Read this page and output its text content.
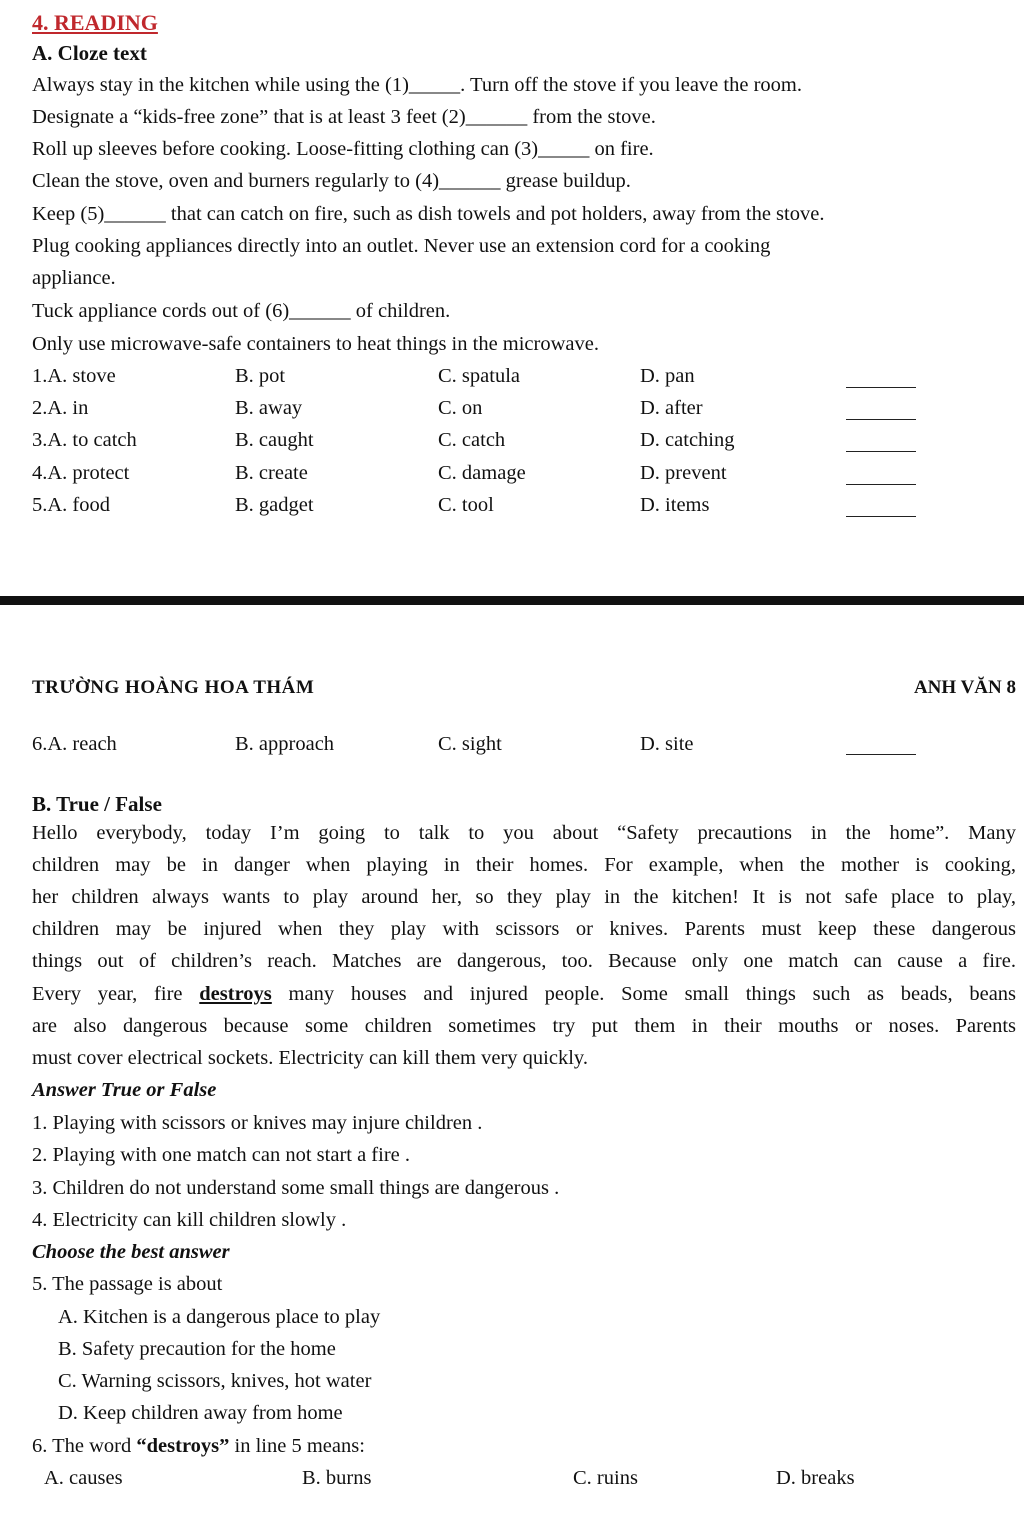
4. READING
A. Cloze text
Always stay in the kitchen while using the (1)_____. Turn off the stove if you leave the room.
Designate a “kids-free zone” that is at least 3 feet (2)______ from the stove.
Roll up sleeves before cooking. Loose-fitting clothing can (3)_____ on fire.
Clean the stove, oven and burners regularly to (4)______ grease buildup.
Keep (5)______ that can catch on fire, such as dish towels and pot holders, away from the stove.
Plug cooking appliances directly into an outlet. Never use an extension cord for a cooking
appliance.
Tuck appliance cords out of (6)______ of children.
Only use microwave-safe containers to heat things in the microwave.
1.A. stove	B. pot	C. spatula	D. pan
2.A. in	B. away	C. on	D. after
3.A. to catch	B. caught	C. catch	D. catching
4.A. protect	B. create	C. damage	D. prevent
5.A. food	B. gadget	C. tool	D. items
TRƯỜNG HOÀNG HOA THÁM	ANH VĂN 8
6.A. reach	B. approach	C. sight	D. site
B. True / False
Hello everybody, today I’m going to talk to you about “Safety precautions in the home”. Many
children may be in danger when playing in their homes. For example, when the mother is cooking,
her children always wants to play around her, so they play in the kitchen! It is not safe place to play,
children may be injured when they play with scissors or knives. Parents must keep these dangerous
things out of children’s reach. Matches are dangerous, too. Because only one match can cause a fire.
Every year, fire destroys many houses and injured people. Some small things such as beads, beans
are also dangerous because some children sometimes try put them in their mouths or noses. Parents
must cover electrical sockets. Electricity can kill them very quickly.
Answer True or False
1. Playing with scissors or knives may injure children .
2. Playing with one match can not start a fire .
3. Children do not understand some small things are dangerous .
4. Electricity can kill children slowly .
Choose the best answer
5. The passage is about
A. Kitchen is a dangerous place to play
B. Safety precaution for the home
C. Warning scissors, knives, hot water
D. Keep children away from home
6. The word “destroys” in line 5 means:
A. causes	B. burns	C. ruins	D. breaks
